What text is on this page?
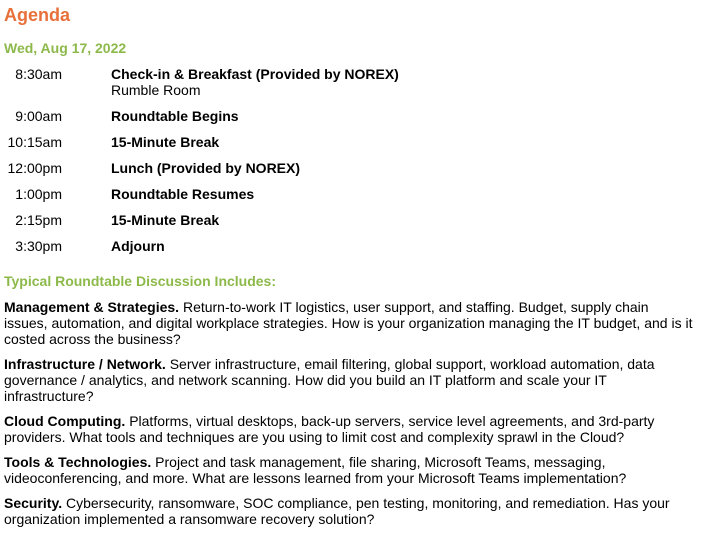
Agenda
Wed, Aug 17, 2022
8:30am	Check-in & Breakfast (Provided by NOREX)
Rumble Room
9:00am	Roundtable Begins
10:15am	15-Minute Break
12:00pm	Lunch (Provided by NOREX)
1:00pm	Roundtable Resumes
2:15pm	15-Minute Break
3:30pm	Adjourn
Typical Roundtable Discussion Includes:

Management & Strategies. Return-to-work IT logistics, user support, and staffing. Budget, supply chain issues, automation, and digital workplace strategies. How is your organization managing the IT budget, and is it costed across the business?

Infrastructure / Network. Server infrastructure, email filtering, global support, workload automation, data governance / analytics, and network scanning. How did you build an IT platform and scale your IT infrastructure?

Cloud Computing. Platforms, virtual desktops, back-up servers, service level agreements, and 3rd-party providers. What tools and techniques are you using to limit cost and complexity sprawl in the Cloud?

Tools & Technologies. Project and task management, file sharing, Microsoft Teams, messaging, videoconferencing, and more. What are lessons learned from your Microsoft Teams implementation?

Security. Cybersecurity, ransomware, SOC compliance, pen testing, monitoring, and remediation. Has your organization implemented a ransomware recovery solution?
